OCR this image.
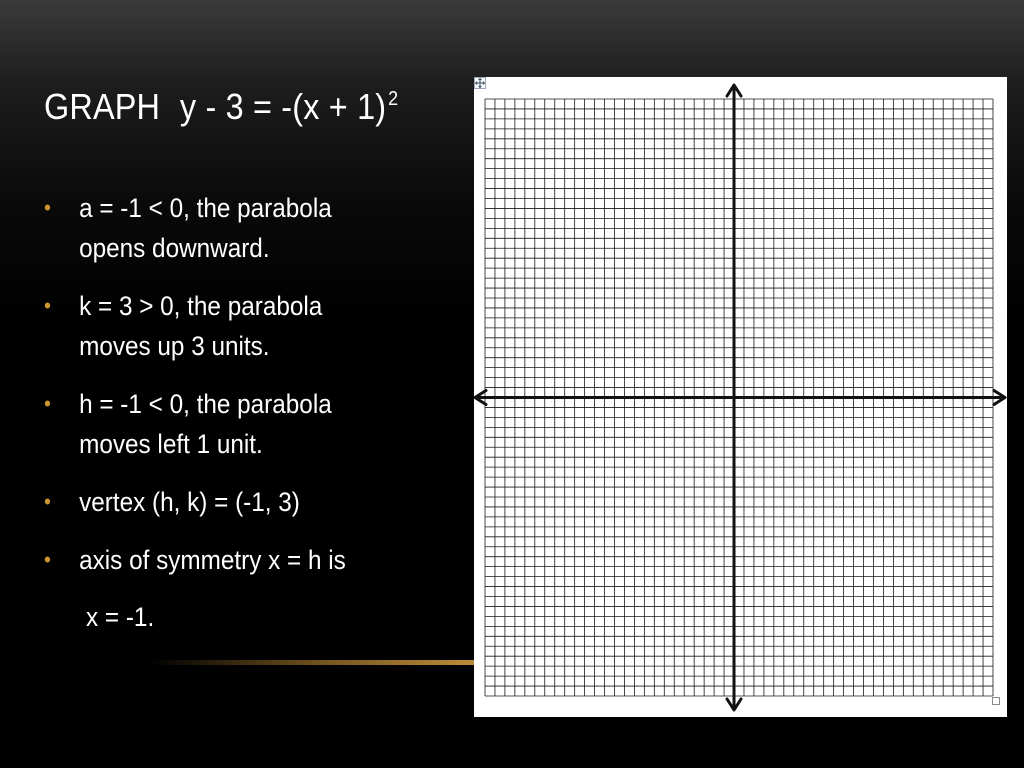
GRAPH $y - 3 = -(x + 1)^2$
• a = -1 < 0, the parabola
opens downward.
• k = 3 > 0, the parabola
moves up 3 units.
• h = -1 < 0, the parabola
moves left 1 unit.
• vertex (h, k) = (-1, 3)
• axis of symmetry x = h is
x = -1.
